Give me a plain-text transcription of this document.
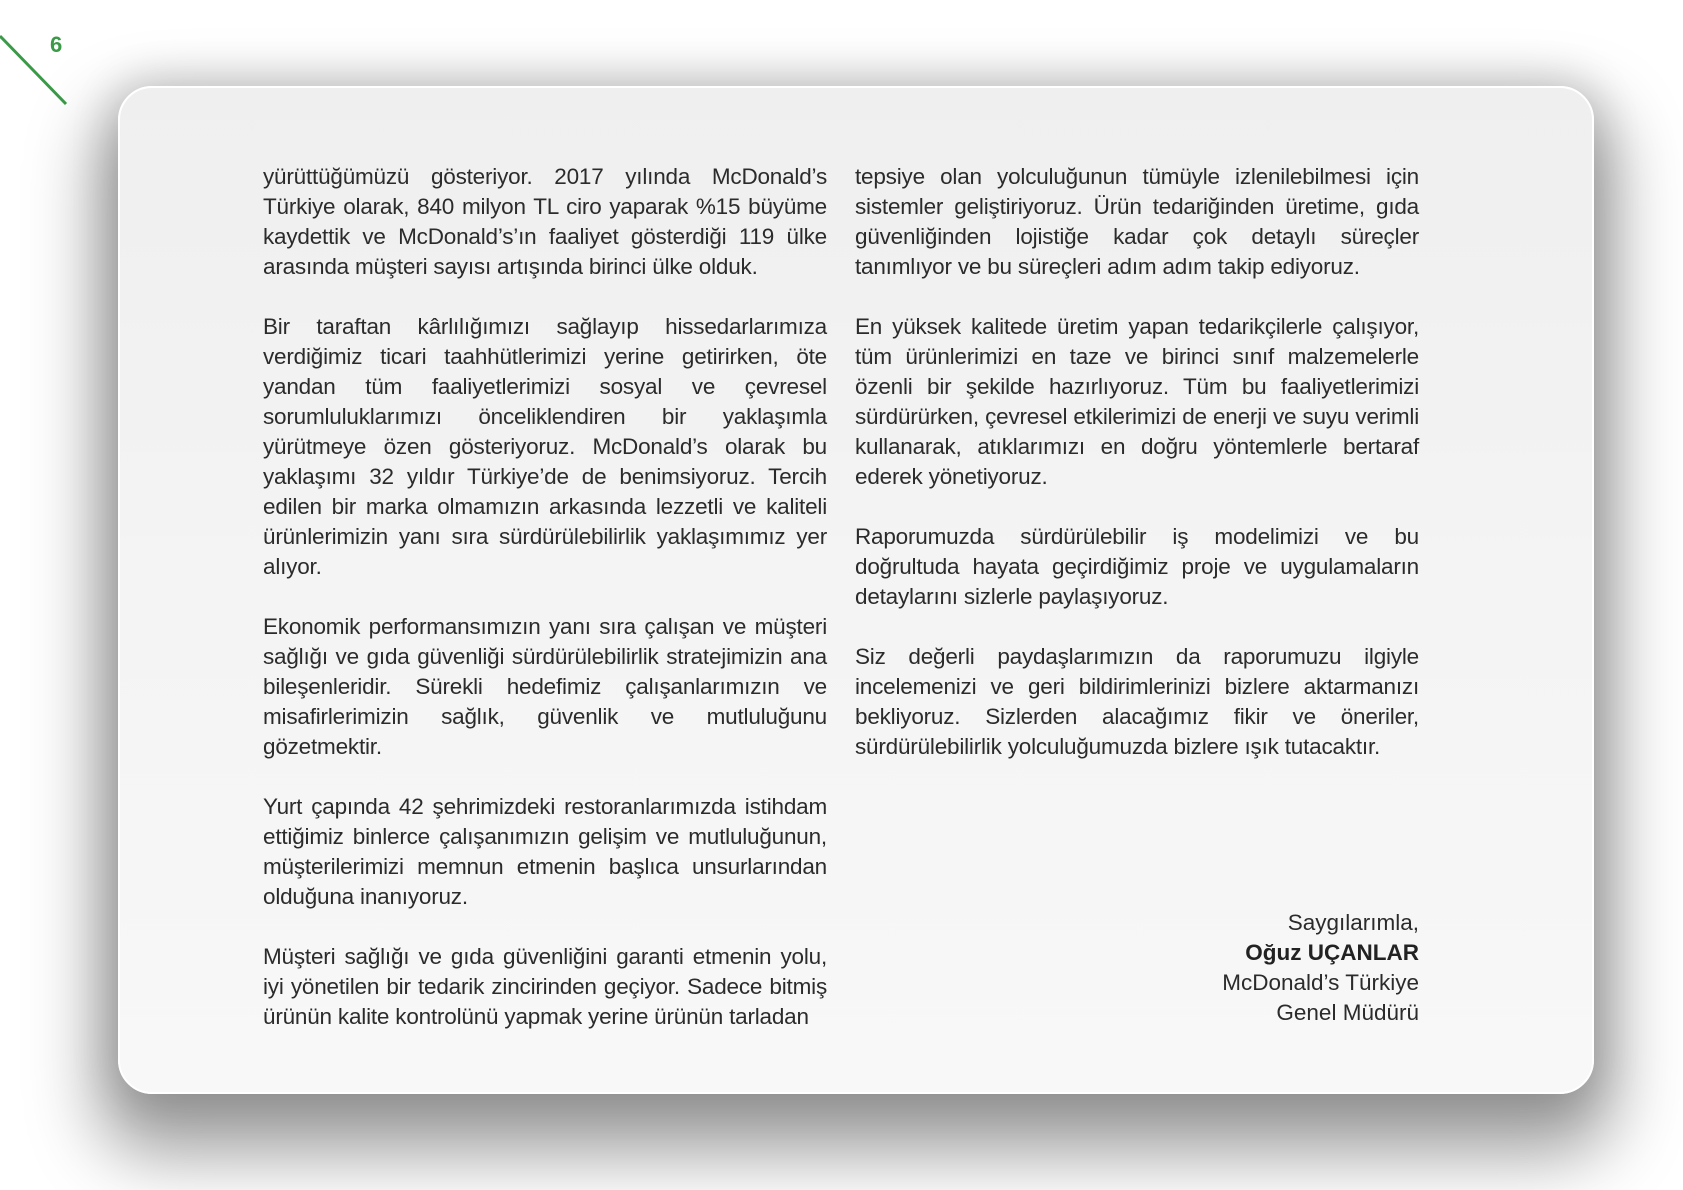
6

yürüttüğümüzü gösteriyor. 2017 yılında McDonald’s Türkiye olarak, 840 milyon TL ciro yaparak %15 büyüme kaydettik ve McDonald’s’ın faaliyet gösterdiği 119 ülke arasında müşteri sayısı artışında birinci ülke olduk.

Bir taraftan kârlılığımızı sağlayıp hissedarlarımıza verdiğimiz ticari taahhütlerimizi yerine getirirken, öte yandan tüm faaliyetlerimizi sosyal ve çevresel sorumluluklarımızı önceliklendiren bir yaklaşımla yürütmeye özen gösteriyoruz. McDonald’s olarak bu yaklaşımı 32 yıldır Türkiye’de de benimsiyoruz. Tercih edilen bir marka olmamızın arkasında lezzetli ve kaliteli ürünlerimizin yanı sıra sürdürülebilirlik yaklaşımımız yer alıyor.

Ekonomik performansımızın yanı sıra çalışan ve müşteri sağlığı ve gıda güvenliği sürdürülebilirlik stratejimizin ana bileşenleridir. Sürekli hedefimiz çalışanlarımızın ve misafirlerimizin sağlık, güvenlik ve mutluluğunu gözetmektir.

Yurt çapında 42 şehrimizdeki restoranlarımızda istihdam ettiğimiz binlerce çalışanımızın gelişim ve mutluluğunun, müşterilerimizi memnun etmenin başlıca unsurlarından olduğuna inanıyoruz.

Müşteri sağlığı ve gıda güvenliğini garanti etmenin yolu, iyi yönetilen bir tedarik zincirinden geçiyor. Sadece bitmiş ürünün kalite kontrolünü yapmak yerine ürünün tarladan

tepsiye olan yolculuğunun tümüyle izlenilebilmesi için sistemler geliştiriyoruz. Ürün tedariğinden üretime, gıda güvenliğinden lojistiğe kadar çok detaylı süreçler tanımlıyor ve bu süreçleri adım adım takip ediyoruz.

En yüksek kalitede üretim yapan tedarikçilerle çalışıyor, tüm ürünlerimizi en taze ve birinci sınıf malzemelerle özenli bir şekilde hazırlıyoruz. Tüm bu faaliyetlerimizi sürdürürken, çevresel etkilerimizi de enerji ve suyu verimli kullanarak, atıklarımızı en doğru yöntemlerle bertaraf ederek yönetiyoruz.

Raporumuzda sürdürülebilir iş modelimizi ve bu doğrultuda hayata geçirdiğimiz proje ve uygulamaların detaylarını sizlerle paylaşıyoruz.

Siz değerli paydaşlarımızın da raporumuzu ilgiyle incelemenizi ve geri bildirimlerinizi bizlere aktarmanızı bekliyoruz. Sizlerden alacağımız fikir ve öneriler, sürdürülebilirlik yolculuğumuzda bizlere ışık tutacaktır.

Saygılarımla,
Oğuz UÇANLAR
McDonald’s Türkiye
Genel Müdürü
